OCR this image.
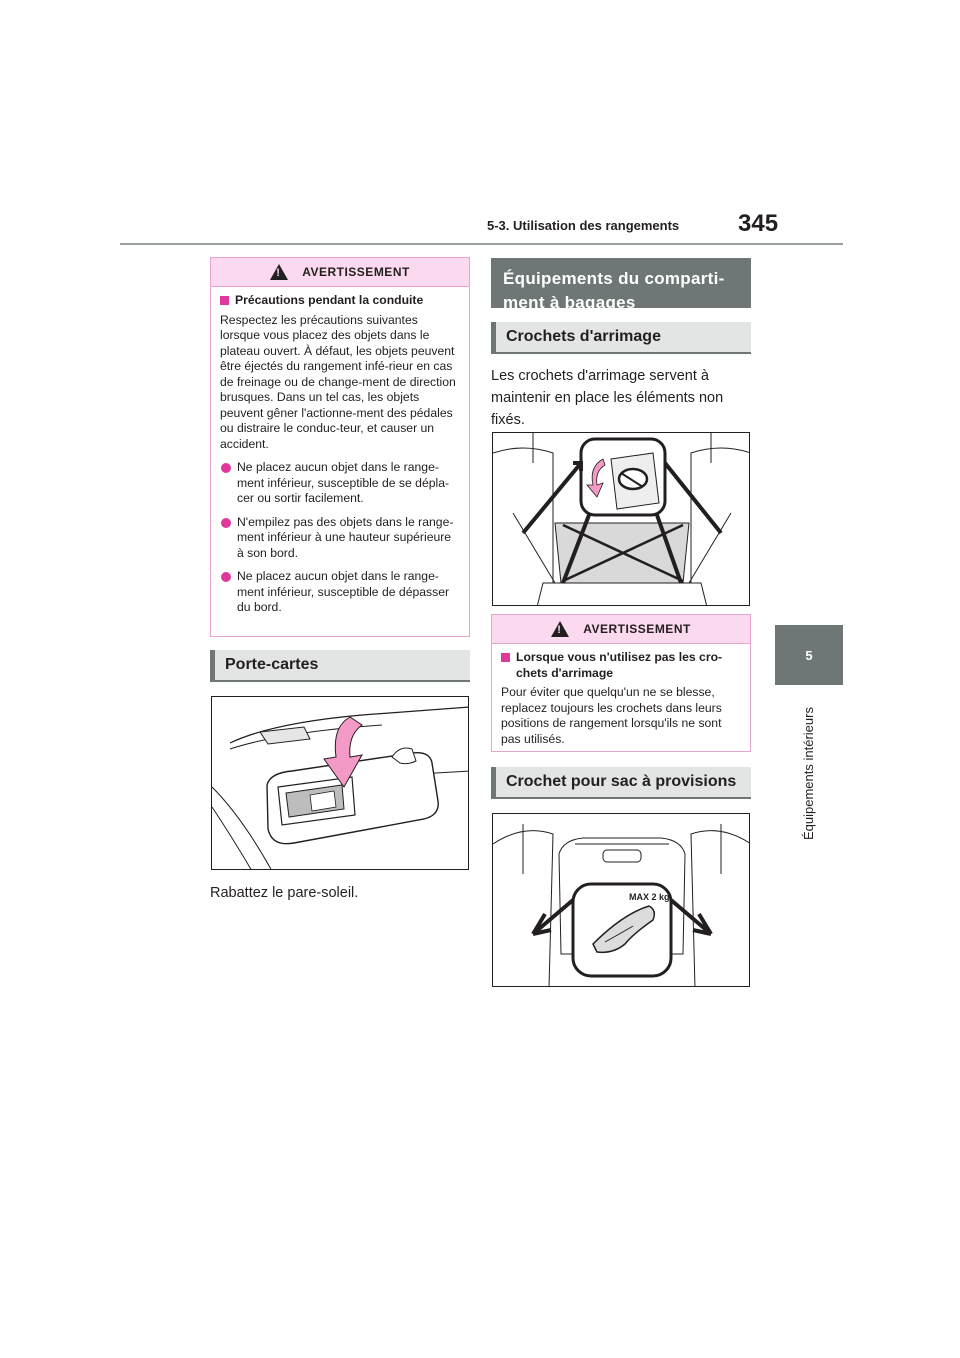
5-3. Utilisation des rangements 345
5
Équipements intérieurs
!
AVERTISSEMENT
Précautions pendant la conduite
Respectez les précautions suivantes lorsque vous placez des objets dans le plateau ouvert. À défaut, les objets peuvent être éjectés du rangement infé-rieur en cas de freinage ou de change-ment de direction brusques. Dans un tel cas, les objets peuvent gêner l'actionne-ment des pédales ou distraire le conduc-teur, et causer un accident.
Ne placez aucun objet dans le range-ment inférieur, susceptible de se dépla-cer ou sortir facilement.
N'empilez pas des objets dans le range-ment inférieur à une hauteur supérieure à son bord.
Ne placez aucun objet dans le range-ment inférieur, susceptible de dépasser du bord.
Porte-cartes
Rabattez le pare-soleil.
Équipements du comparti-ment à bagages
Crochets d'arrimage
Les crochets d'arrimage servent à maintenir en place les éléments non fixés.
!
AVERTISSEMENT
Lorsque vous n'utilisez pas les cro-chets d'arrimage
Pour éviter que quelqu'un ne se blesse, replacez toujours les crochets dans leurs positions de rangement lorsqu'ils ne sont pas utilisés.
Crochet pour sac à provisions
MAX 2 kg
